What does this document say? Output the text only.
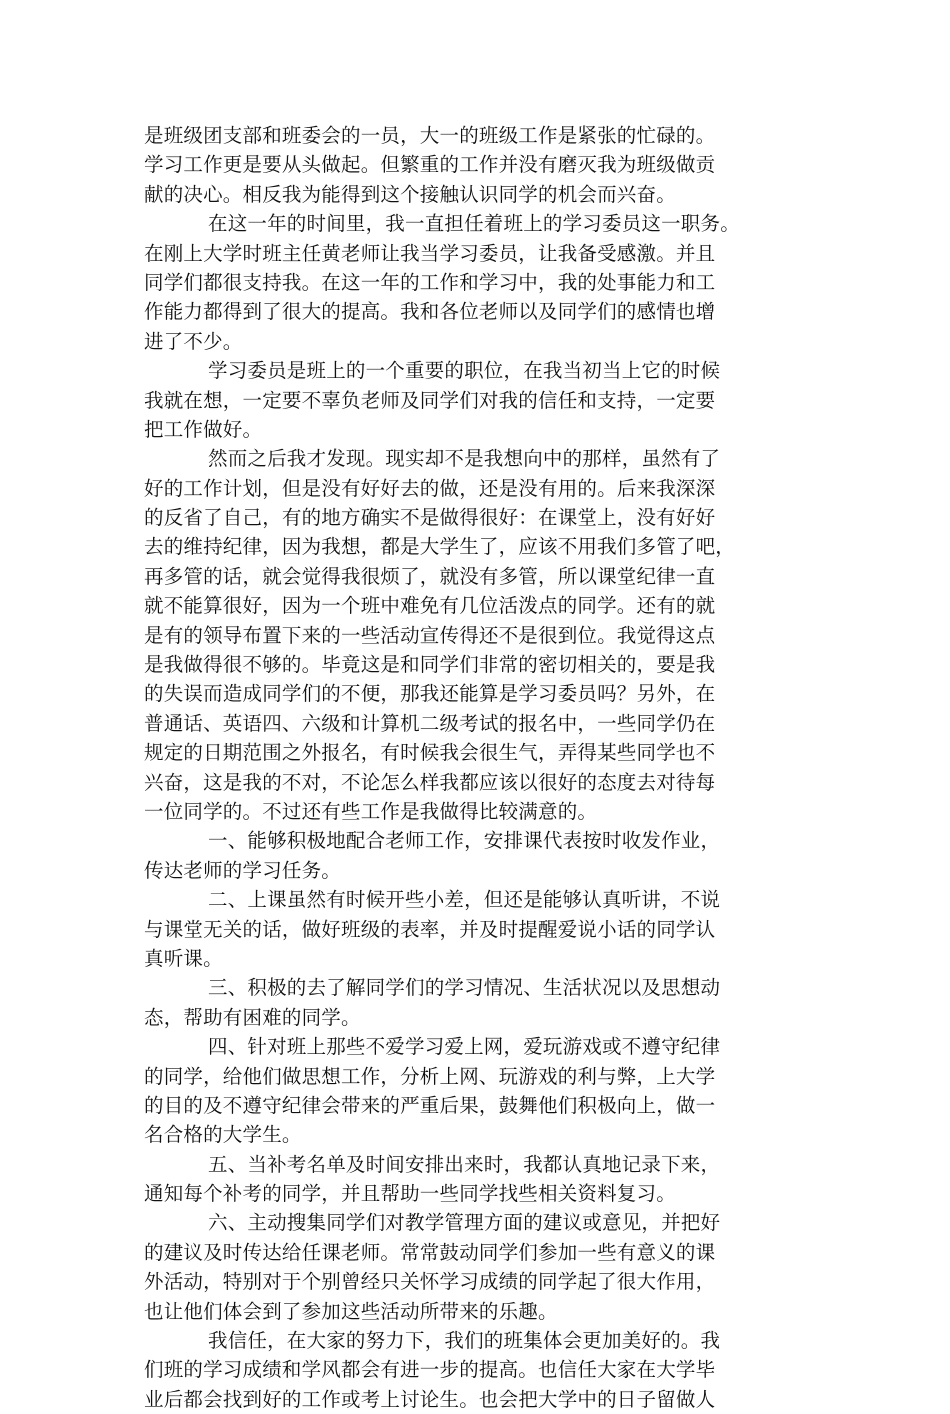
是班级团支部和班委会的一员，大一的班级工作是紧张的忙碌的。
学习工作更是要从头做起。但繁重的工作并没有磨灭我为班级做贡
献的决心。相反我为能得到这个接触认识同学的机会而兴奋。
在这一年的时间里，我一直担任着班上的学习委员这一职务。
在刚上大学时班主任黄老师让我当学习委员，让我备受感激。并且
同学们都很支持我。在这一年的工作和学习中，我的处事能力和工
作能力都得到了很大的提高。我和各位老师以及同学们的感情也增
进了不少。
学习委员是班上的一个重要的职位，在我当初当上它的时候
我就在想，一定要不辜负老师及同学们对我的信任和支持，一定要
把工作做好。
然而之后我才发现。现实却不是我想向中的那样，虽然有了
好的工作计划，但是没有好好去的做，还是没有用的。后来我深深
的反省了自己，有的地方确实不是做得很好：在课堂上，没有好好
去的维持纪律，因为我想，都是大学生了，应该不用我们多管了吧，
再多管的话，就会觉得我很烦了，就没有多管，所以课堂纪律一直
就不能算很好，因为一个班中难免有几位活泼点的同学。还有的就
是有的领导布置下来的一些活动宣传得还不是很到位。我觉得这点
是我做得很不够的。毕竟这是和同学们非常的密切相关的，要是我
的失误而造成同学们的不便，那我还能算是学习委员吗？另外，在
普通话、英语四、六级和计算机二级考试的报名中，一些同学仍在
规定的日期范围之外报名，有时候我会很生气，弄得某些同学也不
兴奋，这是我的不对，不论怎么样我都应该以很好的态度去对待每
一位同学的。不过还有些工作是我做得比较满意的。
一、能够积极地配合老师工作，安排课代表按时收发作业，
传达老师的学习任务。
二、上课虽然有时候开些小差，但还是能够认真听讲，不说
与课堂无关的话，做好班级的表率，并及时提醒爱说小话的同学认
真听课。
三、积极的去了解同学们的学习情况、生活状况以及思想动
态，帮助有困难的同学。
四、针对班上那些不爱学习爱上网，爱玩游戏或不遵守纪律
的同学，给他们做思想工作，分析上网、玩游戏的利与弊，上大学
的目的及不遵守纪律会带来的严重后果，鼓舞他们积极向上，做一
名合格的大学生。
五、当补考名单及时间安排出来时，我都认真地记录下来，
通知每个补考的同学，并且帮助一些同学找些相关资料复习。
六、主动搜集同学们对教学管理方面的建议或意见，并把好
的建议及时传达给任课老师。常常鼓动同学们参加一些有意义的课
外活动，特别对于个别曾经只关怀学习成绩的同学起了很大作用，
也让他们体会到了参加这些活动所带来的乐趣。
我信任，在大家的努力下，我们的班集体会更加美好的。我
们班的学习成绩和学风都会有进一步的提高。也信任大家在大学毕
业后都会找到好的工作或考上讨论生。也会把大学中的日子留做人
